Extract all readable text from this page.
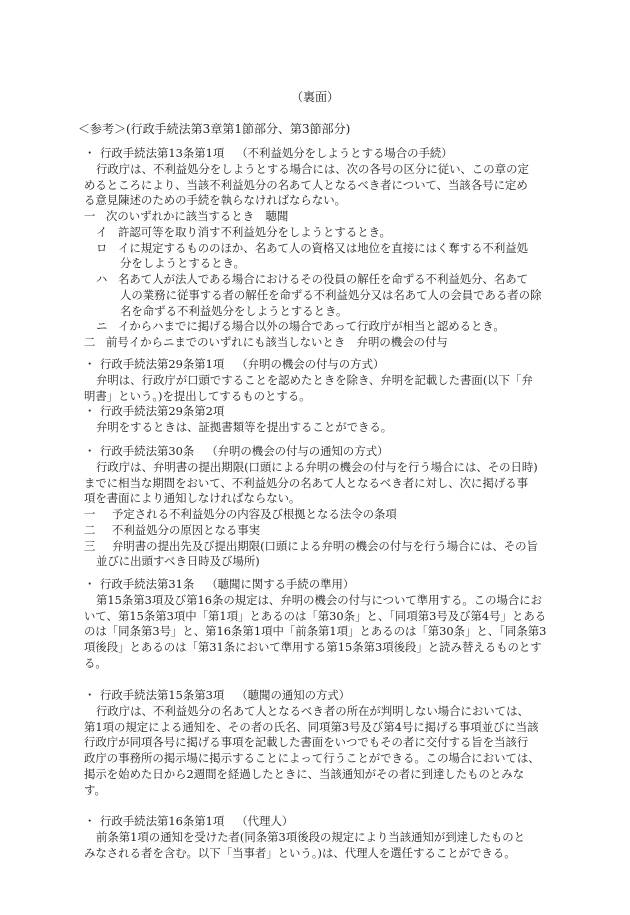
（裏面）
＜参考＞(行政手続法第3章第1節部分、第3節部分)
・ 行政手続法第13条第1項 （不利益処分をしようとする場合の手続）
行政庁は、不利益処分をしようとする場合には、次の各号の区分に従い、この章の定
めるところにより、当該不利益処分の名あて人となるべき者について、当該各号に定め
る意見陳述のための手続を執らなければならない。
一 次のいずれかに該当するとき　聴聞
イ 許認可等を取り消す不利益処分をしようとするとき。
ロ イに規定するもののほか、名あて人の資格又は地位を直接にはく奪する不利益処
分をしようとするとき。
ハ 名あて人が法人である場合におけるその役員の解任を命ずる不利益処分、名あて
人の業務に従事する者の解任を命ずる不利益処分又は名あて人の会員である者の除
名を命ずる不利益処分をしようとするとき。
ニ イからハまでに掲げる場合以外の場合であって行政庁が相当と認めるとき。
二 前号イからニまでのいずれにも該当しないとき　弁明の機会の付与
・ 行政手続法第29条第1項 （弁明の機会の付与の方式）
弁明は、行政庁が口頭ですることを認めたときを除き、弁明を記載した書面(以下「弁
明書」という。)を提出してするものとする。
・ 行政手続法第29条第2項
弁明をするときは、証拠書類等を提出することができる。
・ 行政手続法第30条 （弁明の機会の付与の通知の方式）
行政庁は、弁明書の提出期限(口頭による弁明の機会の付与を行う場合には、その日時)
までに相当な期間をおいて、不利益処分の名あて人となるべき者に対し、次に掲げる事
項を書面により通知しなければならない。
一	予定される不利益処分の内容及び根拠となる法令の条項
二	不利益処分の原因となる事実
三	弁明書の提出先及び提出期限(口頭による弁明の機会の付与を行う場合には、その旨
並びに出頭すべき日時及び場所)
・ 行政手続法第31条 （聴聞に関する手続の準用）
第15条第3項及び第16条の規定は、弁明の機会の付与について準用する。この場合にお
いて、第15条第3項中「第1項」とあるのは「第30条」と、「同項第3号及び第4号」とある
のは「同条第3号」と、第16条第1項中「前条第1項」とあるのは「第30条」と、「同条第3
項後段」とあるのは「第31条において準用する第15条第3項後段」と読み替えるものとす
る。
・ 行政手続法第15条第3項 （聴聞の通知の方式）
行政庁は、不利益処分の名あて人となるべき者の所在が判明しない場合においては、
第1項の規定による通知を、その者の氏名、同項第3号及び第4号に掲げる事項並びに当該
行政庁が同項各号に掲げる事項を記載した書面をいつでもその者に交付する旨を当該行
政庁の事務所の掲示場に掲示することによって行うことができる。この場合においては、
掲示を始めた日から2週間を経過したときに、当該通知がその者に到達したものとみな
す。
・ 行政手続法第16条第1項 （代理人）
前条第1項の通知を受けた者(同条第3項後段の規定により当該通知が到達したものと
みなされる者を含む。以下「当事者」という。)は、代理人を選任することができる。
